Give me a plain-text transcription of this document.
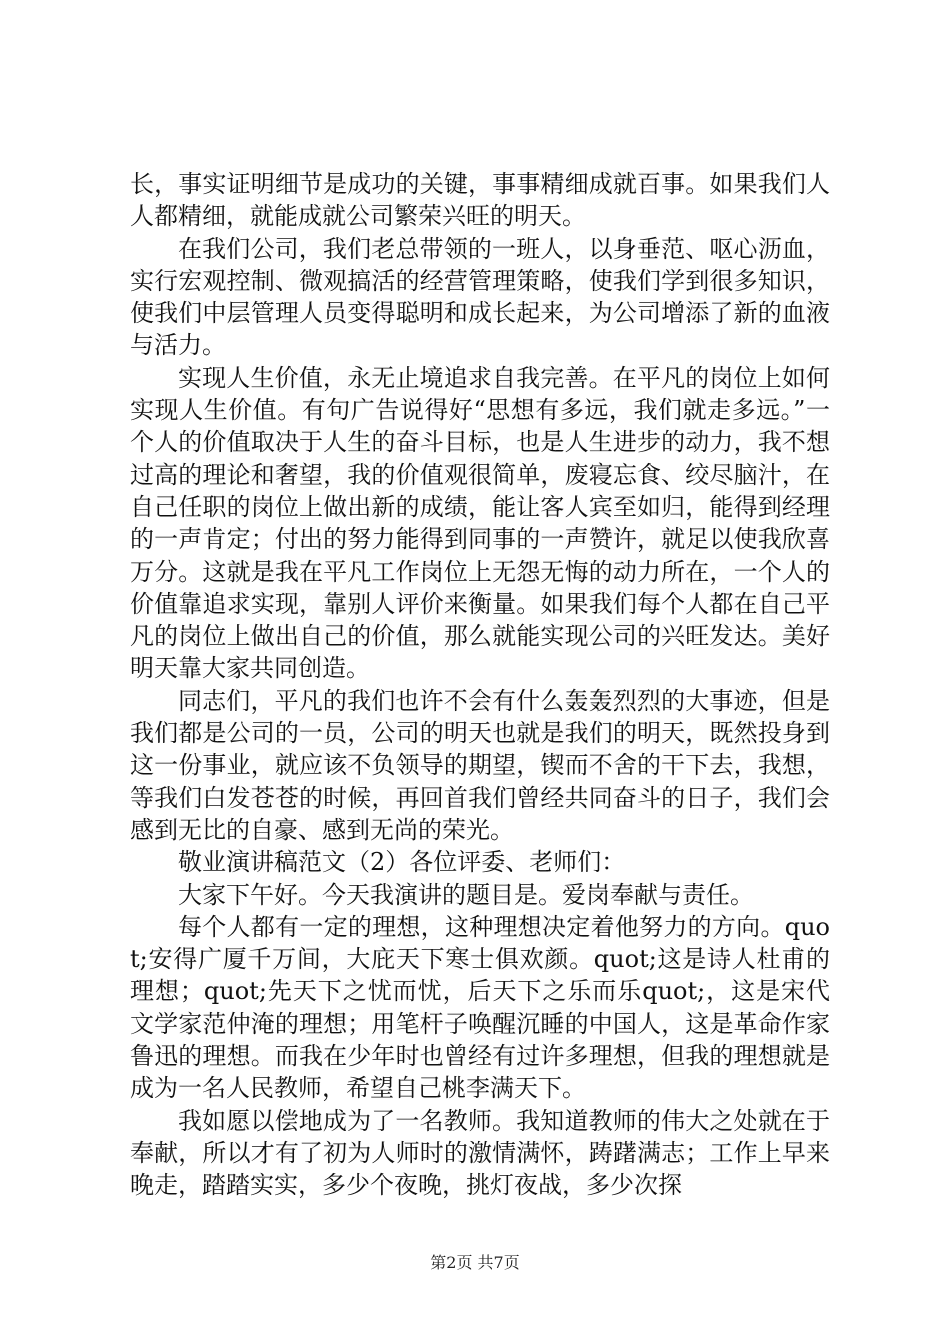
长，事实证明细节是成功的关键，事事精细成就百事。如果我们人人都精细，就能成就公司繁荣兴旺的明天。

在我们公司，我们老总带领的一班人，以身垂范、呕心沥血，实行宏观控制、微观搞活的经营管理策略，使我们学到很多知识，使我们中层管理人员变得聪明和成长起来，为公司增添了新的血液与活力。

实现人生价值，永无止境追求自我完善。在平凡的岗位上如何实现人生价值。有句广告说得好“思想有多远，我们就走多远。”一个人的价值取决于人生的奋斗目标，也是人生进步的动力，我不想过高的理论和奢望，我的价值观很简单，废寝忘食、绞尽脑汁，在自己任职的岗位上做出新的成绩，能让客人宾至如归，能得到经理的一声肯定；付出的努力能得到同事的一声赞许，就足以使我欣喜万分。这就是我在平凡工作岗位上无怨无悔的动力所在，一个人的价值靠追求实现，靠别人评价来衡量。如果我们每个人都在自己平凡的岗位上做出自己的价值，那么就能实现公司的兴旺发达。美好明天靠大家共同创造。

同志们，平凡的我们也许不会有什么轰轰烈烈的大事迹，但是我们都是公司的一员，公司的明天也就是我们的明天，既然投身到这一份事业，就应该不负领导的期望，锲而不舍的干下去，我想，等我们白发苍苍的时候，再回首我们曾经共同奋斗的日子，我们会感到无比的自豪、感到无尚的荣光。

敬业演讲稿范文（2）各位评委、老师们：

大家下午好。今天我演讲的题目是。爱岗奉献与责任。

每个人都有一定的理想，这种理想决定着他努力的方向。quot;安得广厦千万间，大庇天下寒士俱欢颜。quot;这是诗人杜甫的理想；quot;先天下之忧而忧，后天下之乐而乐quot;，这是宋代文学家范仲淹的理想；用笔杆子唤醒沉睡的中国人，这是革命作家鲁迅的理想。而我在少年时也曾经有过许多理想，但我的理想就是成为一名人民教师，希望自己桃李满天下。

我如愿以偿地成为了一名教师。我知道教师的伟大之处就在于奉献，所以才有了初为人师时的激情满怀，踌躇满志；工作上早来晚走，踏踏实实，多少个夜晚，挑灯夜战，多少次探

第2页 共7页
